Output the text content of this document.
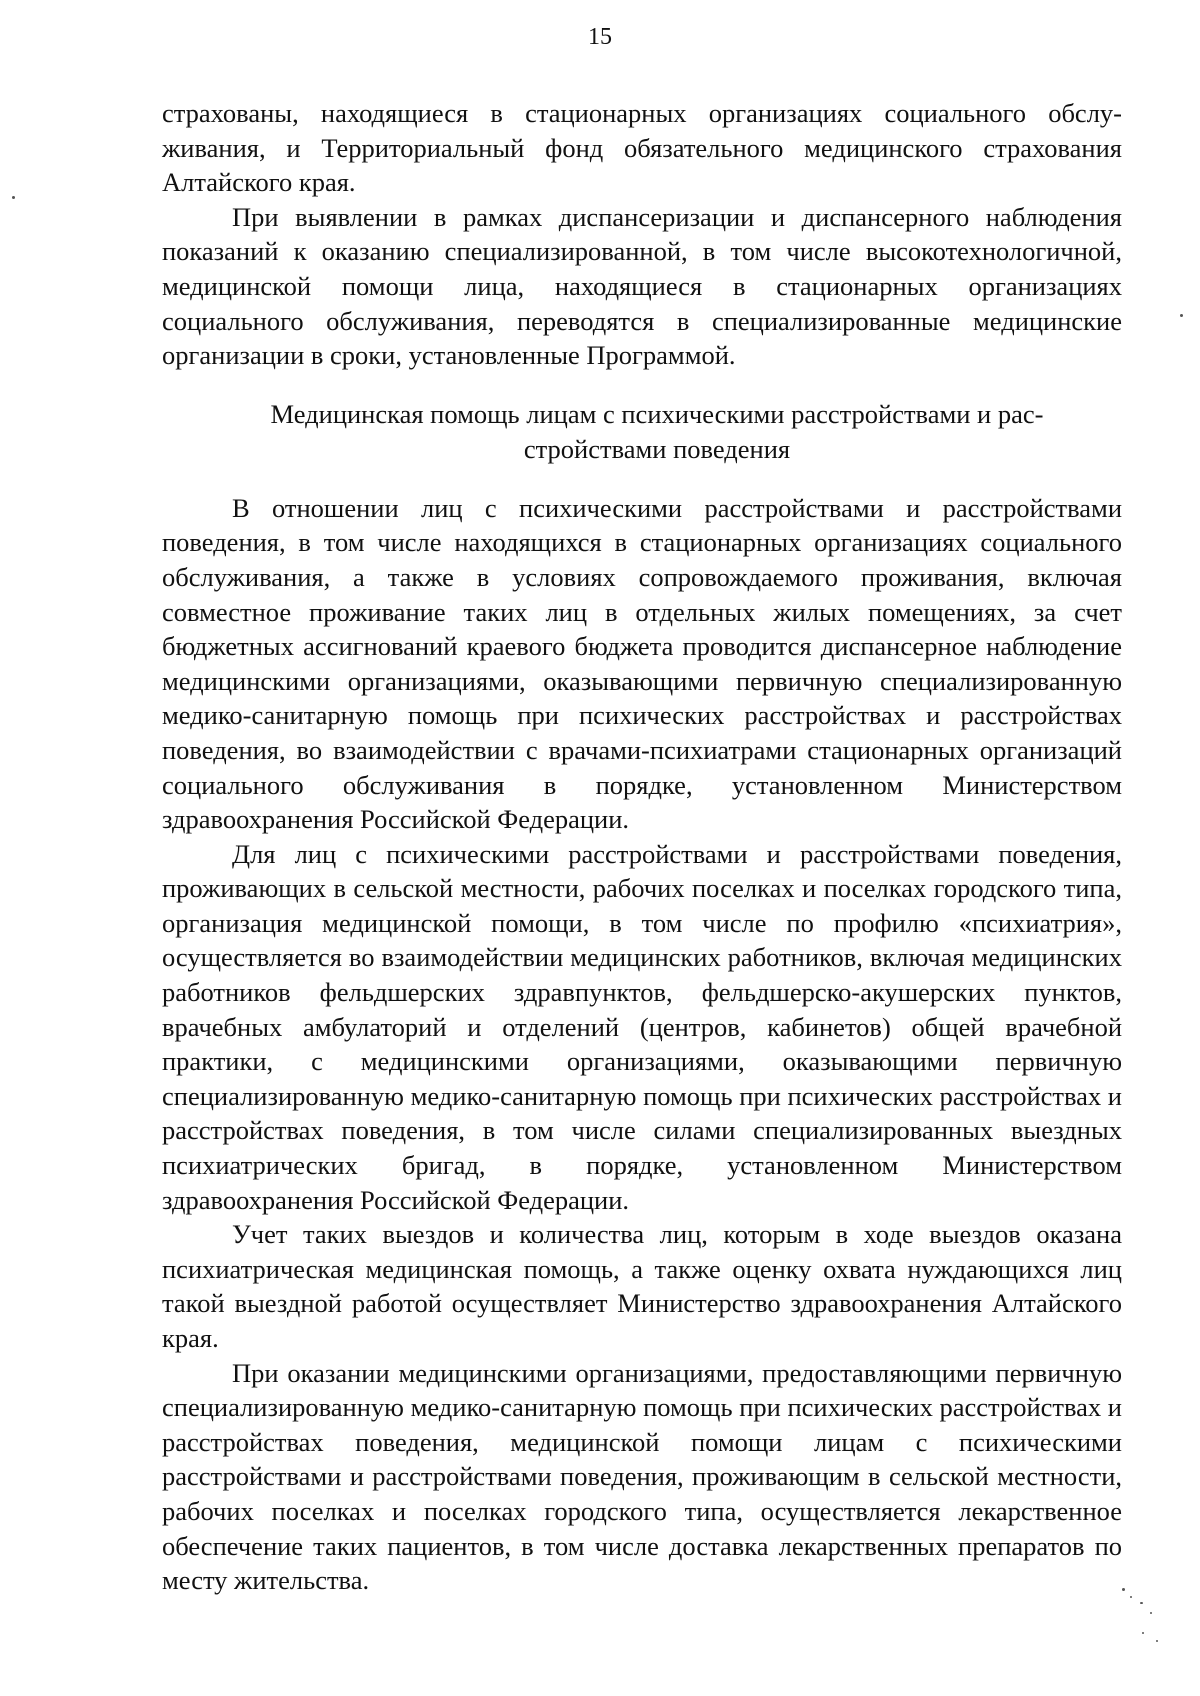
15

страхованы, находящиеся в стационарных организациях социального обслуживания, и Территориальный фонд обязательного медицинского страхования Алтайского края.

При выявлении в рамках диспансеризации и диспансерного наблюдения показаний к оказанию специализированной, в том числе высокотехнологичной, медицинской помощи лица, находящиеся в стационарных организациях социального обслуживания, переводятся в специализированные медицинские организации в сроки, установленные Программой.

Медицинская помощь лицам с психическими расстройствами и расстройствами поведения

В отношении лиц с психическими расстройствами и расстройствами поведения, в том числе находящихся в стационарных организациях социального обслуживания, а также в условиях сопровождаемого проживания, включая совместное проживание таких лиц в отдельных жилых помещениях, за счет бюджетных ассигнований краевого бюджета проводится диспансерное наблюдение медицинскими организациями, оказывающими первичную специализированную медико-санитарную помощь при психических расстройствах и расстройствах поведения, во взаимодействии с врачами-психиатрами стационарных организаций социального обслуживания в порядке, установленном Министерством здравоохранения Российской Федерации.

Для лиц с психическими расстройствами и расстройствами поведения, проживающих в сельской местности, рабочих поселках и поселках городского типа, организация медицинской помощи, в том числе по профилю «психиатрия», осуществляется во взаимодействии медицинских работников, включая медицинских работников фельдшерских здравпунктов, фельдшерско-акушерских пунктов, врачебных амбулаторий и отделений (центров, кабинетов) общей врачебной практики, с медицинскими организациями, оказывающими первичную специализированную медико-санитарную помощь при психических расстройствах и расстройствах поведения, в том числе силами специализированных выездных психиатрических бригад, в порядке, установленном Министерством здравоохранения Российской Федерации.

Учет таких выездов и количества лиц, которым в ходе выездов оказана психиатрическая медицинская помощь, а также оценку охвата нуждающихся лиц такой выездной работой осуществляет Министерство здравоохранения Алтайского края.

При оказании медицинскими организациями, предоставляющими первичную специализированную медико-санитарную помощь при психических расстройствах и расстройствах поведения, медицинской помощи лицам с психическими расстройствами и расстройствами поведения, проживающим в сельской местности, рабочих поселках и поселках городского типа, осуществляется лекарственное обеспечение таких пациентов, в том числе доставка лекарственных препаратов по месту жительства.
